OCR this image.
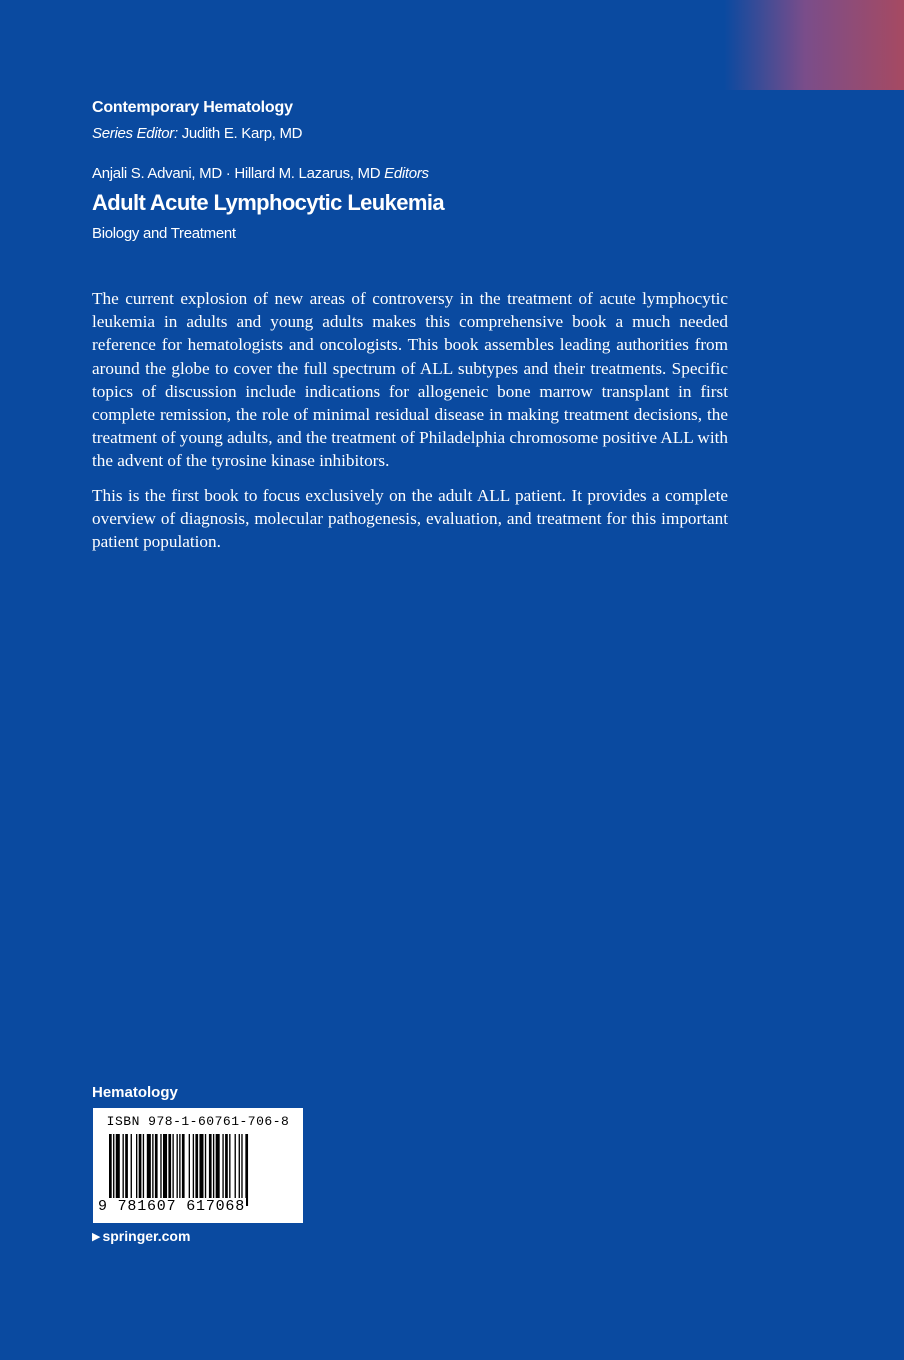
Contemporary Hematology
Series Editor: Judith E. Karp, MD
Anjali S. Advani, MD · Hillard M. Lazarus, MD Editors
Adult Acute Lymphocytic Leukemia
Biology and Treatment

The current explosion of new areas of controversy in the treatment of acute lymphocytic leukemia in adults and young adults makes this comprehensive book a much needed reference for hematologists and oncologists. This book assembles leading authorities from around the globe to cover the full spectrum of ALL subtypes and their treatments. Specific topics of discussion include indications for allogeneic bone marrow transplant in first complete remission, the role of minimal residual disease in making treatment decisions, the treatment of young adults, and the treatment of Philadelphia chromosome positive ALL with the advent of the tyrosine kinase inhibitors.

This is the first book to focus exclusively on the adult ALL patient. It provides a complete overview of diagnosis, molecular pathogenesis, evaluation, and treatment for this important patient population.

Hematology
ISBN 978-1-60761-706-8
9 781607 617068
▶ springer.com
